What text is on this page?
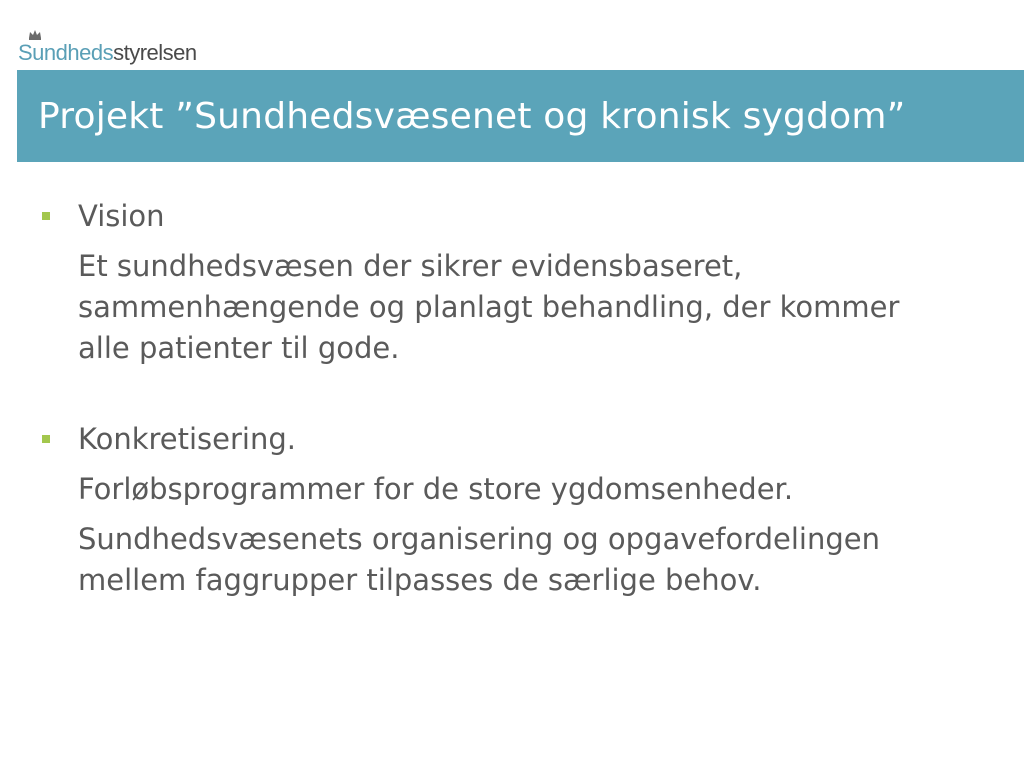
Sundheds styrelsen
Projekt ”Sundhedsvæsenet og kronisk sygdom”
Vision
Et sundhedsvæsen der sikrer evidensbaseret, sammenhængende og planlagt behandling, der kommer alle patienter til gode.
Konkretisering.
Forløbsprogrammer for de store ygdomsenheder.
Sundhedsvæsenets organisering og opgavefordelingen mellem faggrupper tilpasses de særlige behov.
